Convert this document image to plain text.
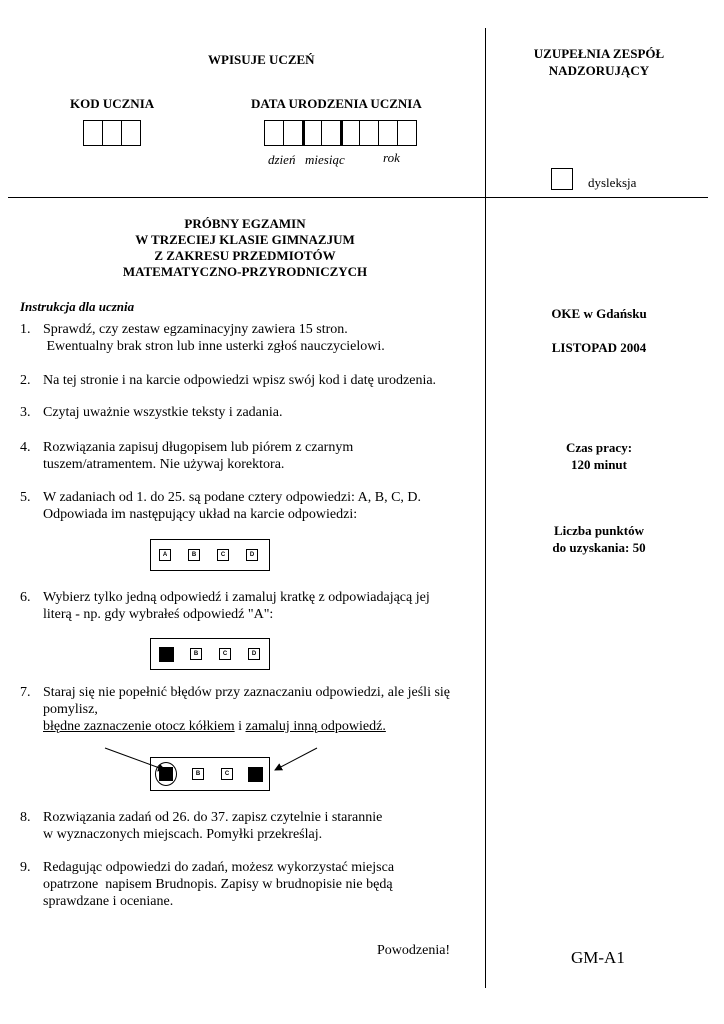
WPISUJE UCZEŃ
KOD UCZNIA	DATA URODZENIA UCZNIA
dzień miesiąc	rok
UZUPEŁNIA ZESPÓŁ
NADZORUJĄCY
dysleksja
PRÓBNY EGZAMIN
W TRZECIEJ KLASIE GIMNAZJUM
Z ZAKRESU PRZEDMIOTÓW
MATEMATYCZNO-PRZYRODNICZYCH
Instrukcja dla ucznia
1. Sprawdź, czy zestaw egzaminacyjny zawiera 15 stron.
Ewentualny brak stron lub inne usterki zgłoś nauczycielowi.
2. Na tej stronie i na karcie odpowiedzi wpisz swój kod i datę urodzenia.
3. Czytaj uważnie wszystkie teksty i zadania.
4. Rozwiązania zapisuj długopisem lub piórem z czarnym
tuszem/atramentem. Nie używaj korektora.
5. W zadaniach od 1. do 25. są podane cztery odpowiedzi: A, B, C, D.
Odpowiada im następujący układ na karcie odpowiedzi:
A	B	C	D
6. Wybierz tylko jedną odpowiedź i zamaluj kratkę z odpowiadającą jej
literą - np. gdy wybrałeś odpowiedź "A":
B	C	D
7. Staraj się nie popełnić błędów przy zaznaczaniu odpowiedzi, ale jeśli się
pomylisz,
błędne zaznaczenie otocz kółkiem i zamaluj inną odpowiedź.
B	C
8. Rozwiązania zadań od 26. do 37. zapisz czytelnie i starannie
w wyznaczonych miejscach. Pomyłki przekreślaj.
9. Redagując odpowiedzi do zadań, możesz wykorzystać miejsca
opatrzone  napisem Brudnopis. Zapisy w brudnopisie nie będą
sprawdzane i oceniane.
Powodzenia!
OKE w Gdańsku
LISTOPAD 2004
Czas pracy:
120 minut
Liczba punktów
do uzyskania: 50
GM-A1
